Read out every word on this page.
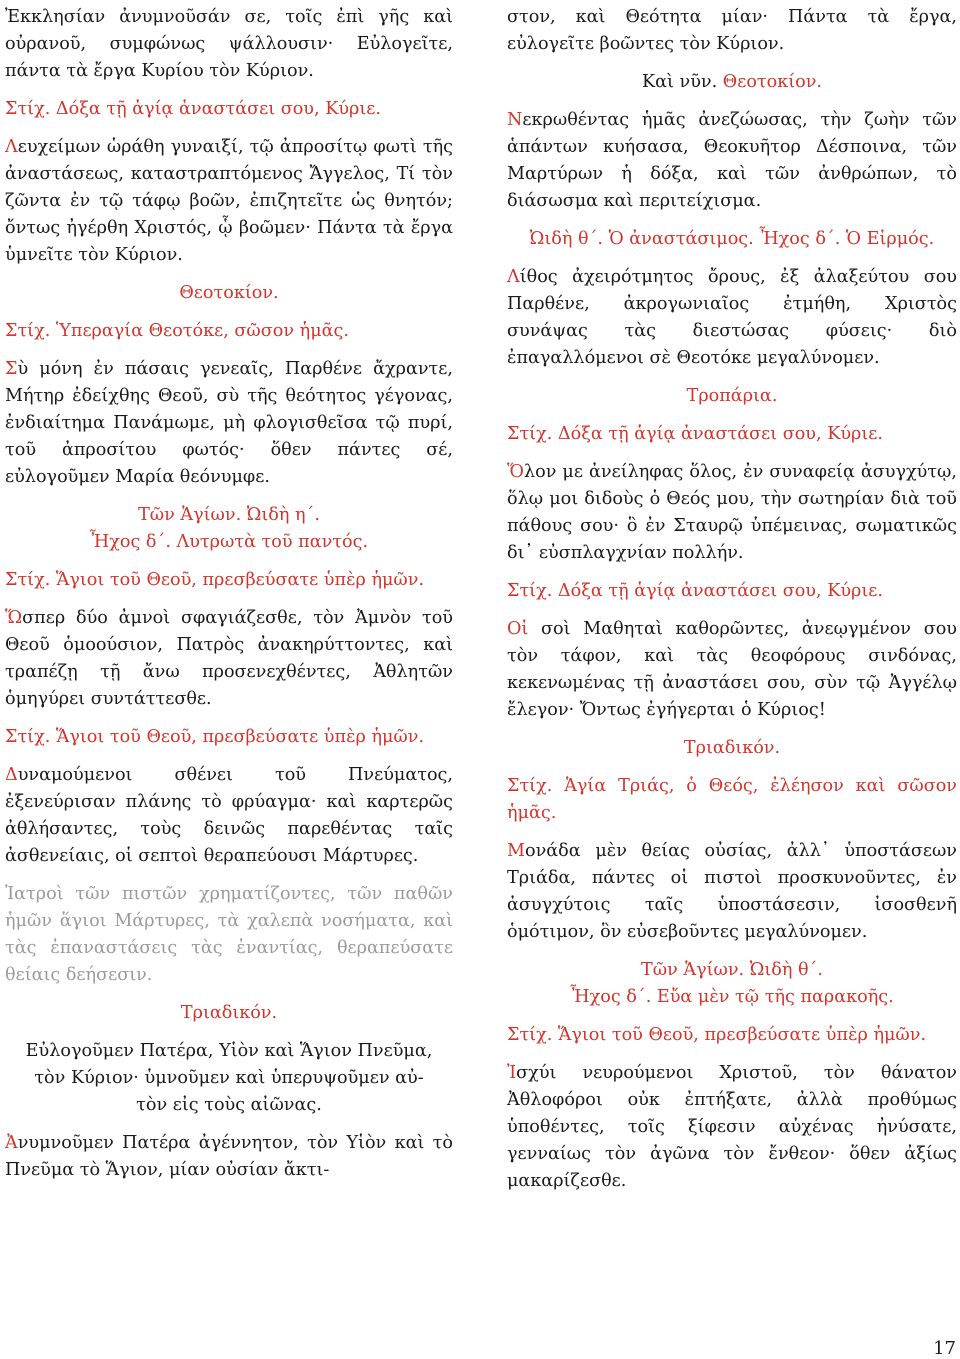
Ἐκκλησίαν ἀνυμνοῦσάν σε, τοῖς ἐπὶ γῆς καὶ οὐρανοῦ, συμφώνως ψάλλουσιν· Εὐλογεῖτε, πάντα τὰ ἔργα Κυρίου τὸν Κύριον.

Στίχ. Δόξα τῇ ἁγίᾳ ἀναστάσει σου, Κύριε.

Λευχείμων ὡράθη γυναιξί, τῷ ἀπροσίτῳ φωτὶ τῆς ἀναστάσεως, καταστραπτόμενος Ἄγγελος, Τί τὸν ζῶντα ἐν τῷ τάφῳ βοῶν, ἐπιζητεῖτε ὡς θνητόν; ὄντως ἠγέρθη Χριστός, ᾧ βοῶμεν· Πάντα τὰ ἔργα ὑμνεῖτε τὸν Κύριον.

Θεοτοκίον.

Στίχ. Ὑπεραγία Θεοτόκε, σῶσον ἡμᾶς.

Σὺ μόνη ἐν πάσαις γενεαῖς, Παρθένε ἄχραντε, Μήτηρ ἐδείχθης Θεοῦ, σὺ τῆς θεότητος γέγονας, ἐνδιαίτημα Πανάμωμε, μὴ φλογισθεῖσα τῷ πυρί, τοῦ ἀπροσίτου φωτός· ὅθεν πάντες σέ, εὐλογοῦμεν Μαρία θεόνυμφε.

Τῶν Ἁγίων. Ὠιδὴ η΄.

Ἦχος δ΄. Λυτρωτὰ τοῦ παντός.

Στίχ. Ἅγιοι τοῦ Θεοῦ, πρεσβεύσατε ὑπὲρ ἡμῶν.

Ὥσπερ δύο ἀμνοὶ σφαγιάζεσθε, τὸν Ἀμνὸν τοῦ Θεοῦ ὁμοούσιον, Πατρὸς ἀνακηρύττοντες, καὶ τραπέζῃ τῇ ἄνω προσενεχθέντες, Ἀθλητῶν ὁμηγύρει συντάττεσθε.

Στίχ. Ἅγιοι τοῦ Θεοῦ, πρεσβεύσατε ὑπὲρ ἡμῶν.

Δυναμούμενοι σθένει τοῦ Πνεύματος, ἐξενεύρισαν πλάνης τὸ φρύαγμα· καὶ καρτερῶς ἀθλήσαντες, τοὺς δεινῶς παρεθέντας ταῖς ἀσθενείαις, οἱ σεπτοὶ θεραπεύουσι Μάρτυρες.

Ἰατροὶ τῶν πιστῶν χρηματίζοντες, τῶν παθῶν ἡμῶν ἅγιοι Μάρτυρες, τὰ χαλεπὰ νοσήματα, καὶ τὰς ἐπαναστάσεις τὰς ἐναντίας, θεραπεύσατε θείαις δεήσεσιν.

Τριαδικόν.

Εὐλογοῦμεν Πατέρα, Υἱὸν καὶ Ἅγιον Πνεῦμα,
τὸν Κύριον· ὑμνοῦμεν καὶ ὑπερυψοῦμεν αὐ-
τὸν εἰς τοὺς αἰῶνας.

Ἀνυμνοῦμεν Πατέρα ἀγέννητον, τὸν Υἱὸν καὶ τὸ Πνεῦμα τὸ Ἅγιον, μίαν οὐσίαν ἄκτι-

στον, καὶ Θεότητα μίαν· Πάντα τὰ ἔργα, εὐλογεῖτε βοῶντες τὸν Κύριον.

Καὶ νῦν. Θεοτοκίον.

Νεκρωθέντας ἡμᾶς ἀνεζώωσας, τὴν ζωὴν τῶν ἁπάντων κυήσασα, Θεοκυῆτορ Δέσποινα, τῶν Μαρτύρων ἡ δόξα, καὶ τῶν ἀνθρώπων, τὸ διάσωσμα καὶ περιτείχισμα.

Ὠιδὴ θ΄. Ὁ ἀναστάσιμος. Ἦχος δ΄. Ὁ Εἱρμός.

Λίθος ἀχειρότμητος ὄρους, ἐξ ἀλαξεύτου σου Παρθένε, ἀκρογωνιαῖος ἐτμήθη, Χριστὸς συνάψας τὰς διεστώσας φύσεις· διὸ ἐπαγαλλόμενοι σὲ Θεοτόκε μεγαλύνομεν.

Τροπάρια.

Στίχ. Δόξα τῇ ἁγίᾳ ἀναστάσει σου, Κύριε.

Ὅλον με ἀνείληφας ὅλος, ἐν συναφείᾳ ἀσυγχύτῳ, ὅλῳ μοι διδοὺς ὁ Θεός μου, τὴν σωτηρίαν διὰ τοῦ πάθους σου· ὃ ἐν Σταυρῷ ὑπέμεινας, σωματικῶς δι᾽ εὐσπλαγχνίαν πολλήν.

Στίχ. Δόξα τῇ ἁγίᾳ ἀναστάσει σου, Κύριε.

Οἱ σοὶ Μαθηταὶ καθορῶντες, ἀνεῳγμένον σου τὸν τάφον, καὶ τὰς θεοφόρους σινδόνας, κεκενωμένας τῇ ἀναστάσει σου, σὺν τῷ Ἀγγέλῳ ἔλεγον· Ὄντως ἐγήγερται ὁ Κύριος!

Τριαδικόν.

Στίχ. Ἁγία Τριάς, ὁ Θεός, ἐλέησον καὶ σῶσον ἡμᾶς.

Μονάδα μὲν θείας οὐσίας, ἀλλ᾽ ὑποστάσεων Τριάδα, πάντες οἱ πιστοὶ προσκυνοῦντες, ἐν ἀσυγχύτοις ταῖς ὑποστάσεσιν, ἰσοσθενῆ ὁμότιμον, ὃν εὐσεβοῦντες μεγαλύνομεν.

Τῶν Ἁγίων. Ὠιδὴ θ΄.

Ἦχος δ΄. Εὔα μὲν τῷ τῆς παρακοῆς.

Στίχ. Ἅγιοι τοῦ Θεοῦ, πρεσβεύσατε ὑπὲρ ἡμῶν.

Ἰσχύι νευρούμενοι Χριστοῦ, τὸν θάνατον Ἀθλοφόροι οὐκ ἐπτήξατε, ἀλλὰ προθύμως ὑποθέντες, τοῖς ξίφεσιν αὐχένας ἠνύσατε, γενναίως τὸν ἀγῶνα τὸν ἔνθεον· ὅθεν ἀξίως μακαρίζεσθε.

17
